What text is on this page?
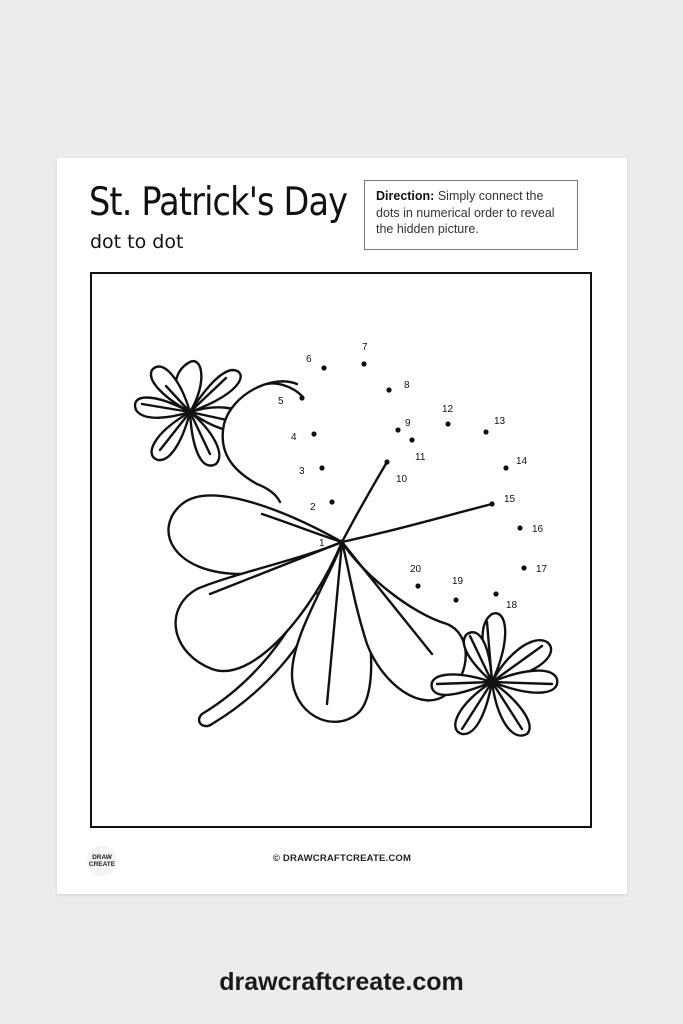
St. Patrick's Day
dot to dot
Direction: Simply connect the dots in numerical order to reveal the hidden picture.
1
2
3
4
5
6
7
8
9
10
11
12
13
14
15
16
17
18
19
20
DRAW
CREATE
© DRAWCRAFTCREATE.COM
drawcraftcreate.com
